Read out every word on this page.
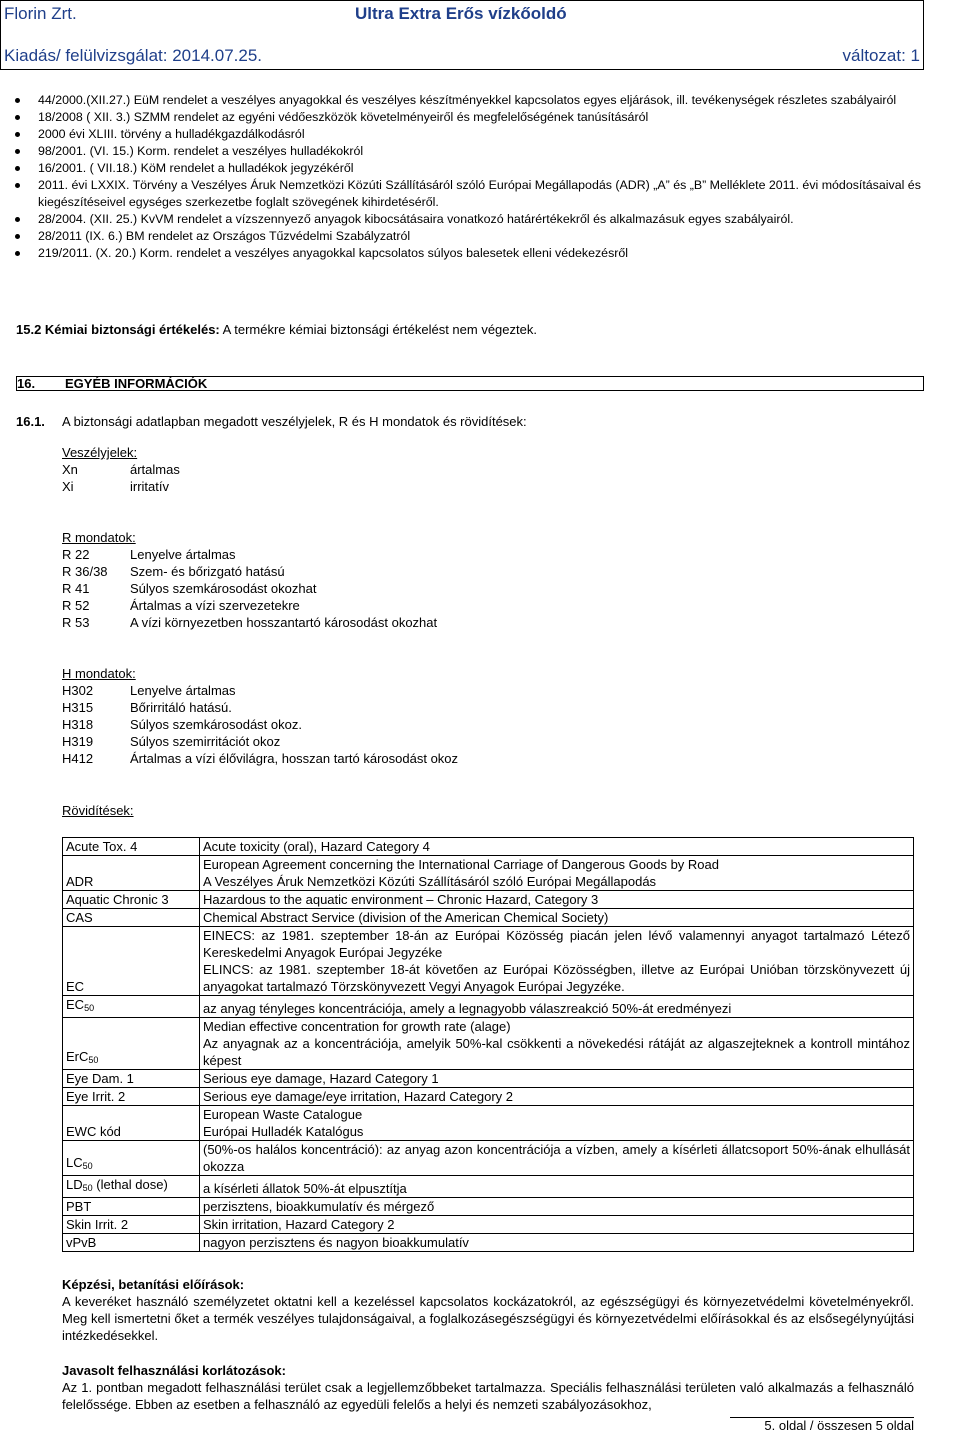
Florin Zrt.	Ultra Extra Erős vízkőoldó
Kiadás/ felülvizsgálat: 2014.07.25.	változat: 1
44/2000.(XII.27.) EüM rendelet a veszélyes anyagokkal és veszélyes készítményekkel kapcsolatos egyes eljárások, ill. tevékenységek részletes szabályairól
18/2008 ( XII. 3.) SZMM rendelet az egyéni védőeszközök követelményeiről és megfelelőségének tanúsításáról
2000 évi XLIII. törvény a hulladékgazdálkodásról
98/2001. (VI. 15.) Korm. rendelet a veszélyes hulladékokról
16/2001. ( VII.18.) KöM rendelet a hulladékok jegyzékéről
2011. évi LXXIX. Törvény a Veszélyes Áruk Nemzetközi Közúti Szállításáról szóló Európai Megállapodás (ADR) „A” és „B” Melléklete 2011. évi módosításaival és kiegészítéseivel egységes szerkezetbe foglalt szövegének kihirdetéséről.
28/2004. (XII. 25.) KvVM rendelet a vízszennyező anyagok kibocsátásaira vonatkozó határértékekről és alkalmazásuk egyes szabályairól.
28/2011 (IX. 6.) BM rendelet az Országos Tűzvédelmi Szabályzatról
219/2011. (X. 20.) Korm. rendelet a veszélyes anyagokkal kapcsolatos súlyos balesetek elleni védekezésről
15.2 Kémiai biztonsági értékelés: A termékre kémiai biztonsági értékelést nem végeztek.
16. EGYÉB INFORMÁCIÓK
16.1. A biztonsági adatlapban megadott veszélyjelek, R és H mondatok és rövidítések:
Veszélyjelek:
Xn	ártalmas
Xi	irritatív
R mondatok:
R 22	Lenyelve ártalmas
R 36/38	Szem- és bőrizgató hatású
R 41	Súlyos szemkárosodást okozhat
R 52	Ártalmas a vízi szervezetekre
R 53	A vízi környezetben hosszantartó károsodást okozhat
H mondatok:
H302	Lenyelve ártalmas
H315	Bőrirritáló hatású.
H318	Súlyos szemkárosodást okoz.
H319	Súlyos szemirritációt okoz
H412	Ártalmas a vízi élővilágra, hosszan tartó károsodást okoz
Rövidítések:
Acute Tox. 4	Acute toxicity (oral), Hazard Category 4
ADR	European Agreement concerning the International Carriage of Dangerous Goods by Road
A Veszélyes Áruk Nemzetközi Közúti Szállításáról szóló Európai Megállapodás
Aquatic Chronic 3	Hazardous to the aquatic environment – Chronic Hazard, Category 3
CAS	Chemical Abstract Service (division of the American Chemical Society)
EC	EINECS: az 1981. szeptember 18-án az Európai Közösség piacán jelen lévő valamennyi anyagot tartalmazó Létező Kereskedelmi Anyagok Európai Jegyzéke
ELINCS: az 1981. szeptember 18-át követően az Európai Közösségben, illetve az Európai Unióban törzskönyvezett új anyagokat tartalmazó Törzskönyvezett Vegyi Anyagok Európai Jegyzéke.
$EC_{50}$	az anyag tényleges koncentrációja, amely a legnagyobb válaszreakció 50%-át eredményezi
ErC$_{50}$	Median effective concentration for growth rate (alage)
Az anyagnak az a koncentrációja, amelyik 50%-kal csökkenti a növekedési rátáját az algaszejteknek a kontroll mintához képest
Eye Dam. 1	Serious eye damage, Hazard Category 1
Eye Irrit. 2	Serious eye damage/eye irritation, Hazard Category 2
EWC kód	European Waste Catalogue
Európai Hulladék Katalógus
$LC_{50}$	(50%-os halálos koncentráció): az anyag azon koncentrációja a vízben, amely a kísérleti állatcsoport 50%-ának elhullását okozza
$LD_{50}$ (lethal dose)	a kísérleti állatok 50%-át elpusztítja
PBT	perzisztens, bioakkumulatív és mérgező
Skin Irrit. 2	Skin irritation, Hazard Category 2
vPvB	nagyon perzisztens és nagyon bioakkumulatív
Képzési, betanítási előírások:
A keveréket használó személyzetet oktatni kell a kezeléssel kapcsolatos kockázatokról, az egészségügyi és környezetvédelmi követelményekről. Meg kell ismertetni őket a termék veszélyes tulajdonságaival, a foglalkozásegészségügyi és környezetvédelmi előírásokkal és az elsősegélynyújtási intézkedésekkel.
Javasolt felhasználási korlátozások:
Az 1. pontban megadott felhasználási terület csak a legjellemzőbbeket tartalmazza. Speciális felhasználási területen való alkalmazás a felhasználó felelőssége. Ebben az esetben a felhasználó az egyedüli felelős a helyi és nemzeti szabályozásokhoz,
5. oldal / összesen 5 oldal
